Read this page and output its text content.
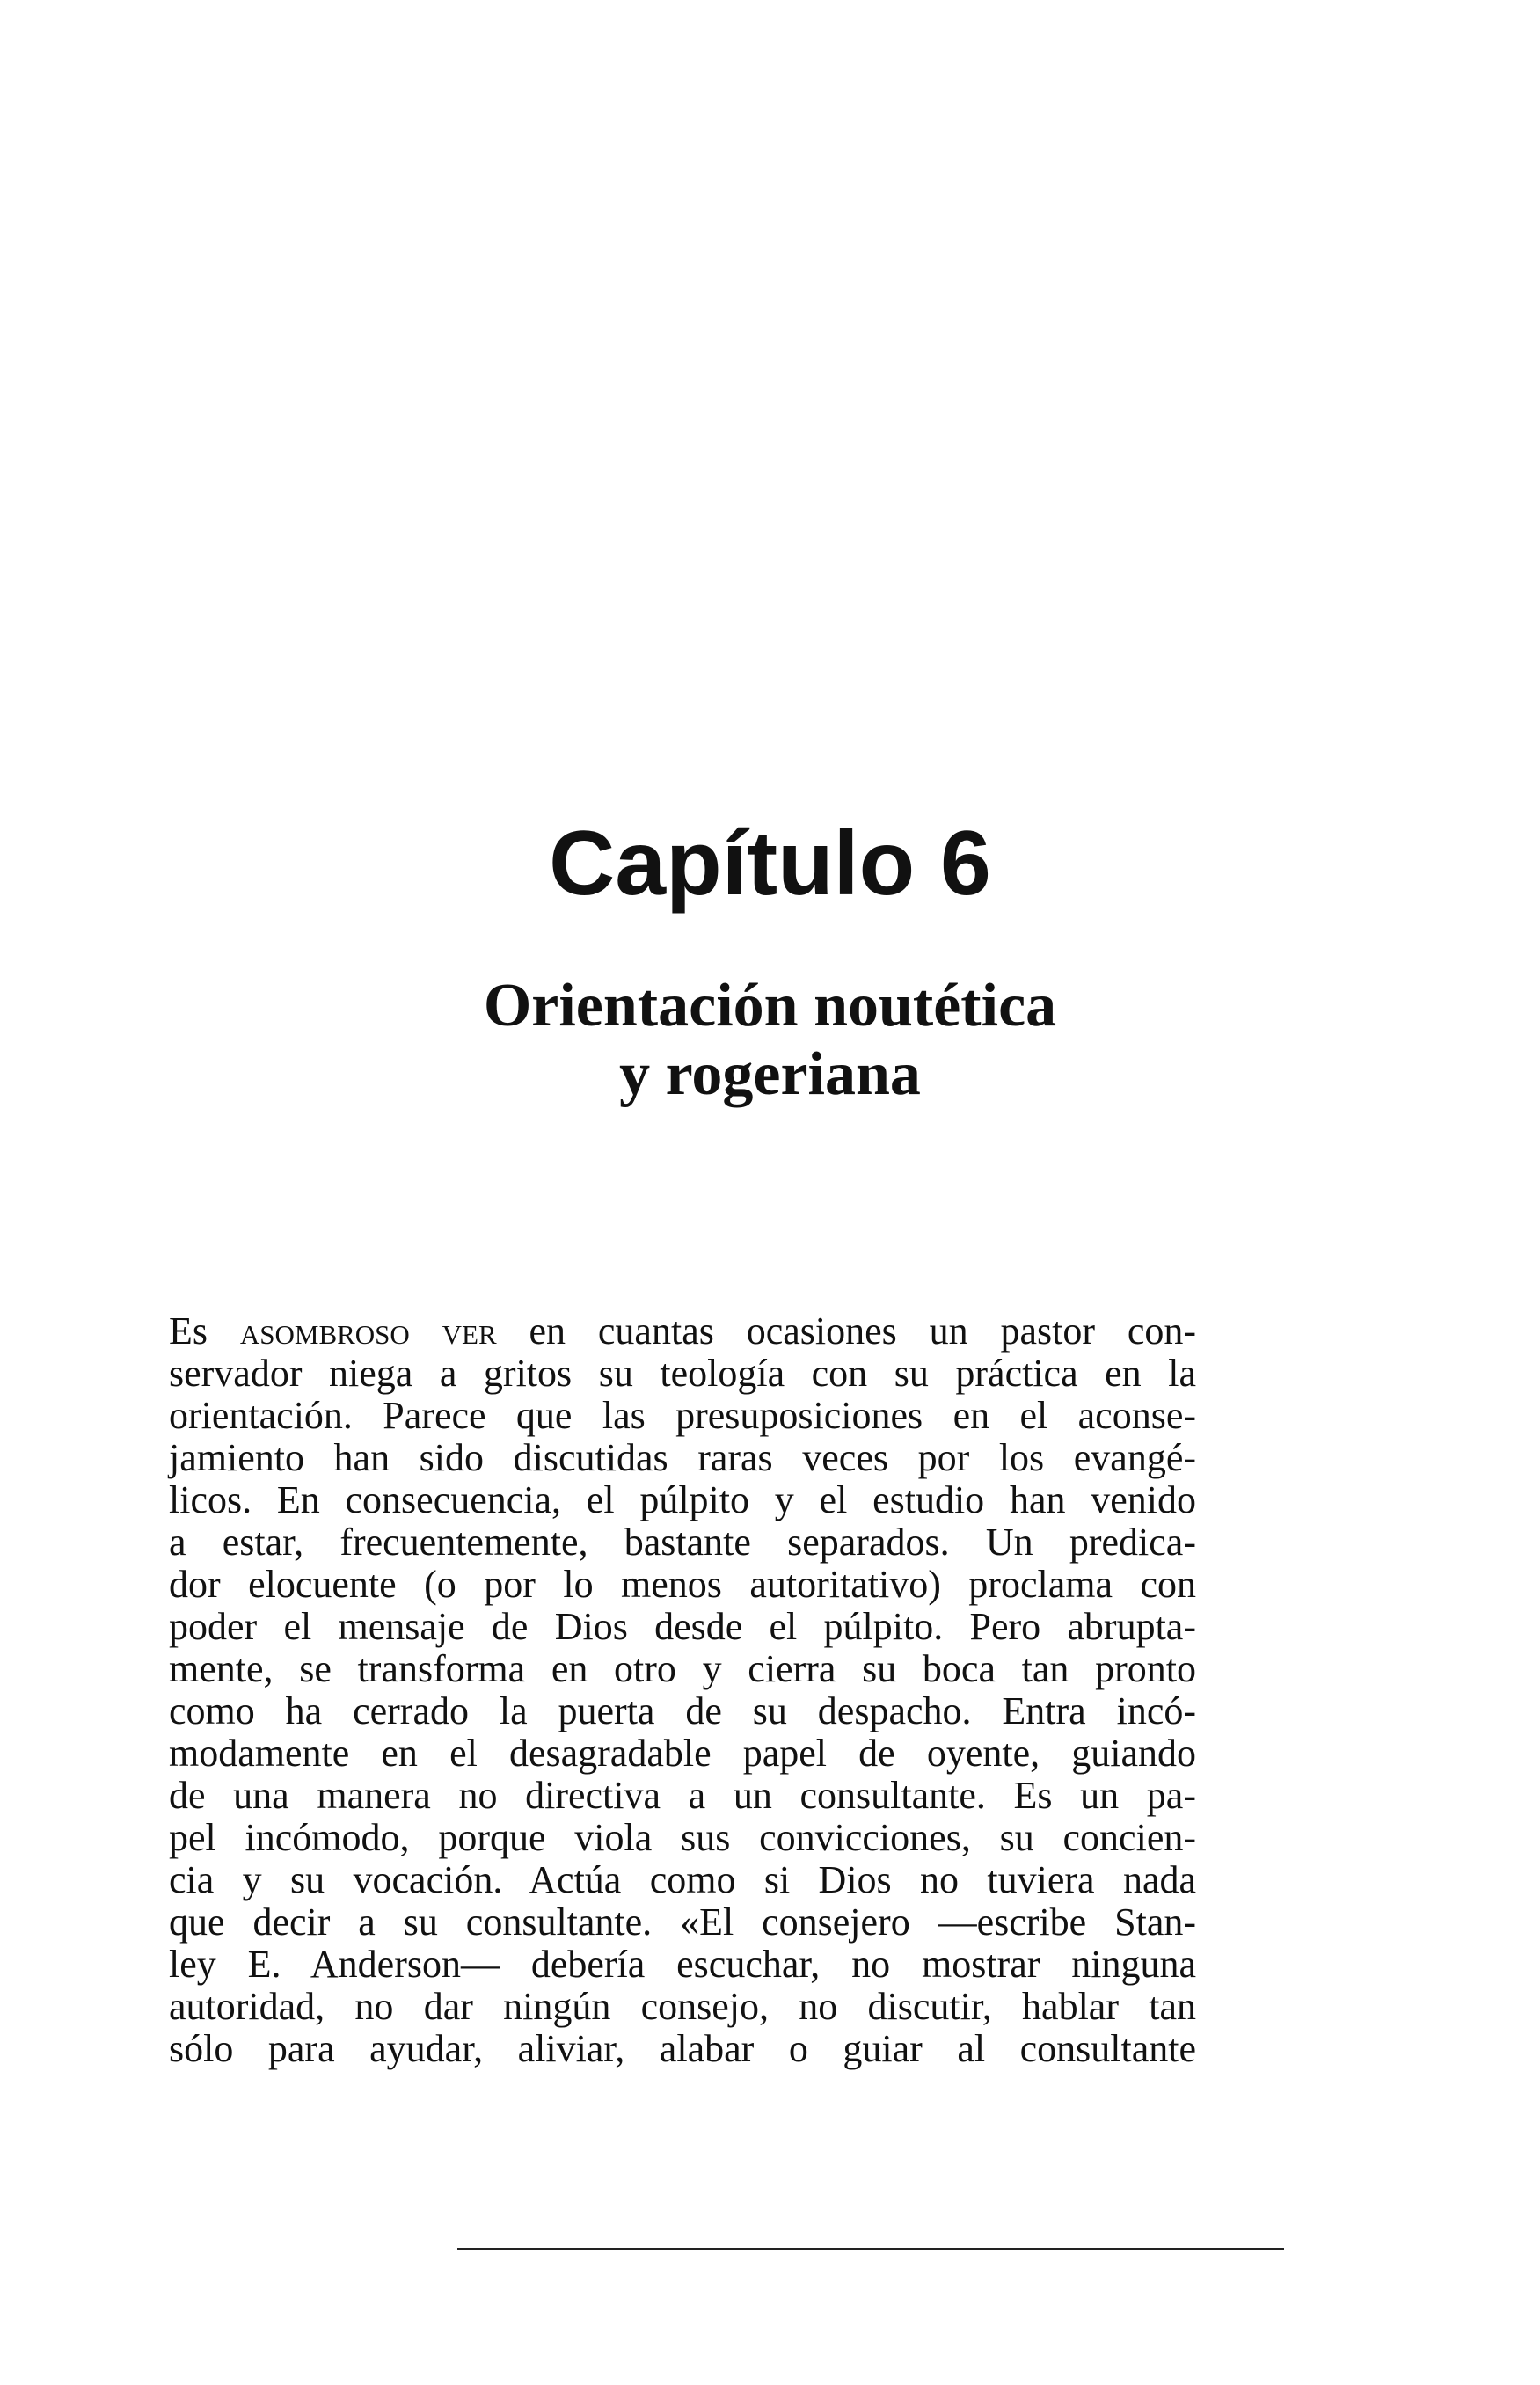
Capítulo 6
Orientación noutética
y rogeriana
Es asombroso ver en cuantas ocasiones un pastor con-
servador niega a gritos su teología con su práctica en la
orientación. Parece que las presuposiciones en el aconse-
jamiento han sido discutidas raras veces por los evangé-
licos. En consecuencia, el púlpito y el estudio han venido
a estar, frecuentemente, bastante separados. Un predica-
dor elocuente (o por lo menos autoritativo) proclama con
poder el mensaje de Dios desde el púlpito. Pero abrupta-
mente, se transforma en otro y cierra su boca tan pronto
como ha cerrado la puerta de su despacho. Entra incó-
modamente en el desagradable papel de oyente, guiando
de una manera no directiva a un consultante. Es un pa-
pel incómodo, porque viola sus convicciones, su concien-
cia y su vocación. Actúa como si Dios no tuviera nada
que decir a su consultante. «El consejero —escribe Stan-
ley E. Anderson— debería escuchar, no mostrar ninguna
autoridad, no dar ningún consejo, no discutir, hablar tan
sólo para ayudar, aliviar, alabar o guiar al consultante
